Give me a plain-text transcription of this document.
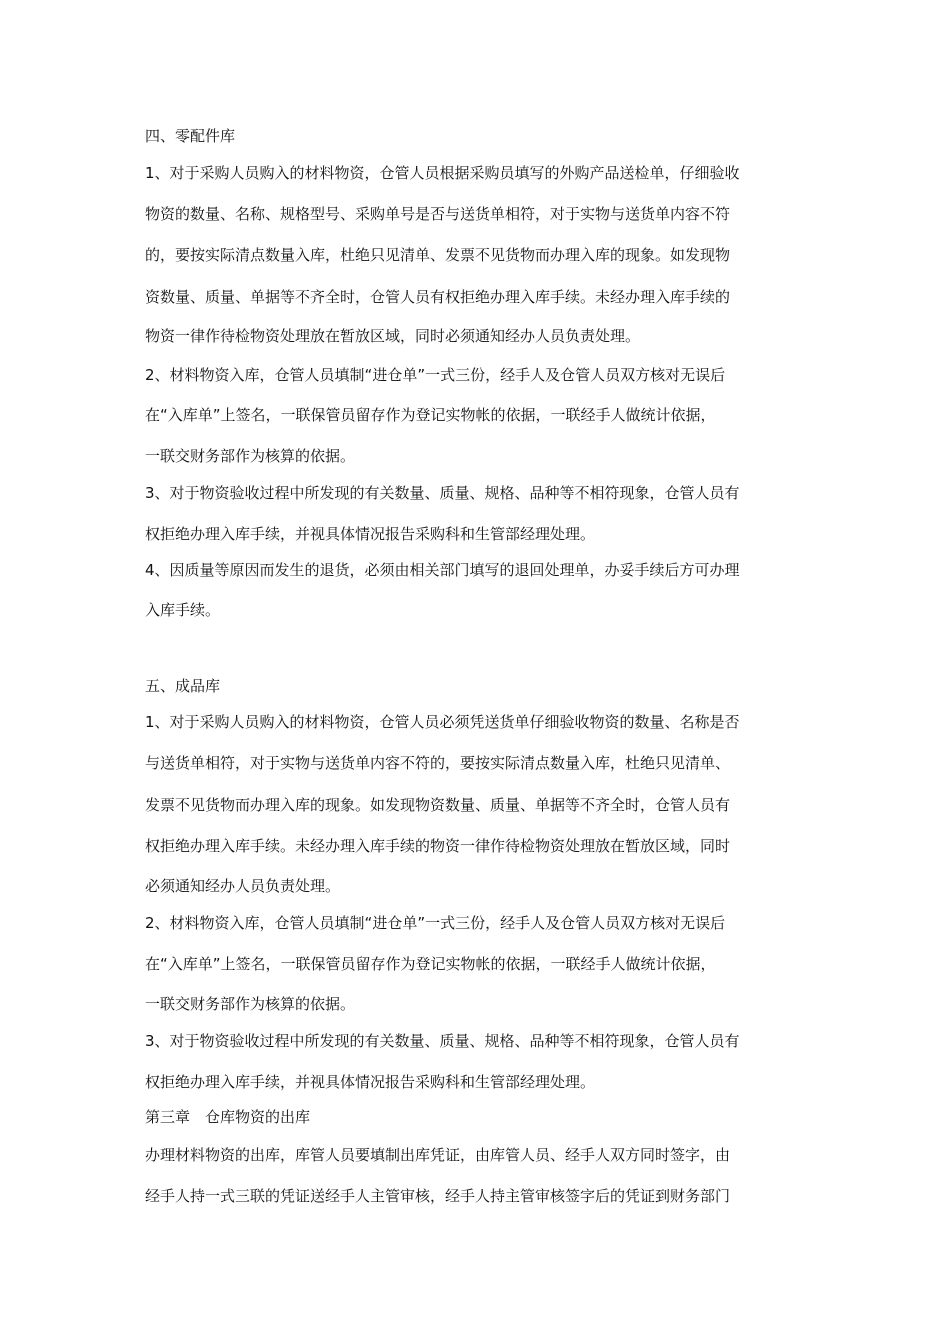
四、零配件库

1、对于采购人员购入的材料物资，仓管人员根据采购员填写的外购产品送检单，仔细验收

物资的数量、名称、规格型号、采购单号是否与送货单相符，对于实物与送货单内容不符

的，要按实际清点数量入库，杜绝只见清单、发票不见货物而办理入库的现象。如发现物

资数量、质量、单据等不齐全时，仓管人员有权拒绝办理入库手续。未经办理入库手续的

物资一律作待检物资处理放在暂放区域，同时必须通知经办人员负责处理。

2、材料物资入库，仓管人员填制“进仓单”一式三份，经手人及仓管人员双方核对无误后

在“入库单”上签名，一联保管员留存作为登记实物帐的依据，一联经手人做统计依据，

一联交财务部作为核算的依据。

3、对于物资验收过程中所发现的有关数量、质量、规格、品种等不相符现象，仓管人员有

权拒绝办理入库手续，并视具体情况报告采购科和生管部经理处理。

4、因质量等原因而发生的退货，必须由相关部门填写的退回处理单，办妥手续后方可办理

入库手续。

五、成品库

1、对于采购人员购入的材料物资，仓管人员必须凭送货单仔细验收物资的数量、名称是否

与送货单相符，对于实物与送货单内容不符的，要按实际清点数量入库，杜绝只见清单、

发票不见货物而办理入库的现象。如发现物资数量、质量、单据等不齐全时，仓管人员有

权拒绝办理入库手续。未经办理入库手续的物资一律作待检物资处理放在暂放区域，同时

必须通知经办人员负责处理。

2、材料物资入库，仓管人员填制“进仓单”一式三份，经手人及仓管人员双方核对无误后

在“入库单”上签名，一联保管员留存作为登记实物帐的依据，一联经手人做统计依据，

一联交财务部作为核算的依据。

3、对于物资验收过程中所发现的有关数量、质量、规格、品种等不相符现象，仓管人员有

权拒绝办理入库手续，并视具体情况报告采购科和生管部经理处理。

第三章　仓库物资的出库

办理材料物资的出库，库管人员要填制出库凭证，由库管人员、经手人双方同时签字，由

经手人持一式三联的凭证送经手人主管审核，经手人持主管审核签字后的凭证到财务部门
